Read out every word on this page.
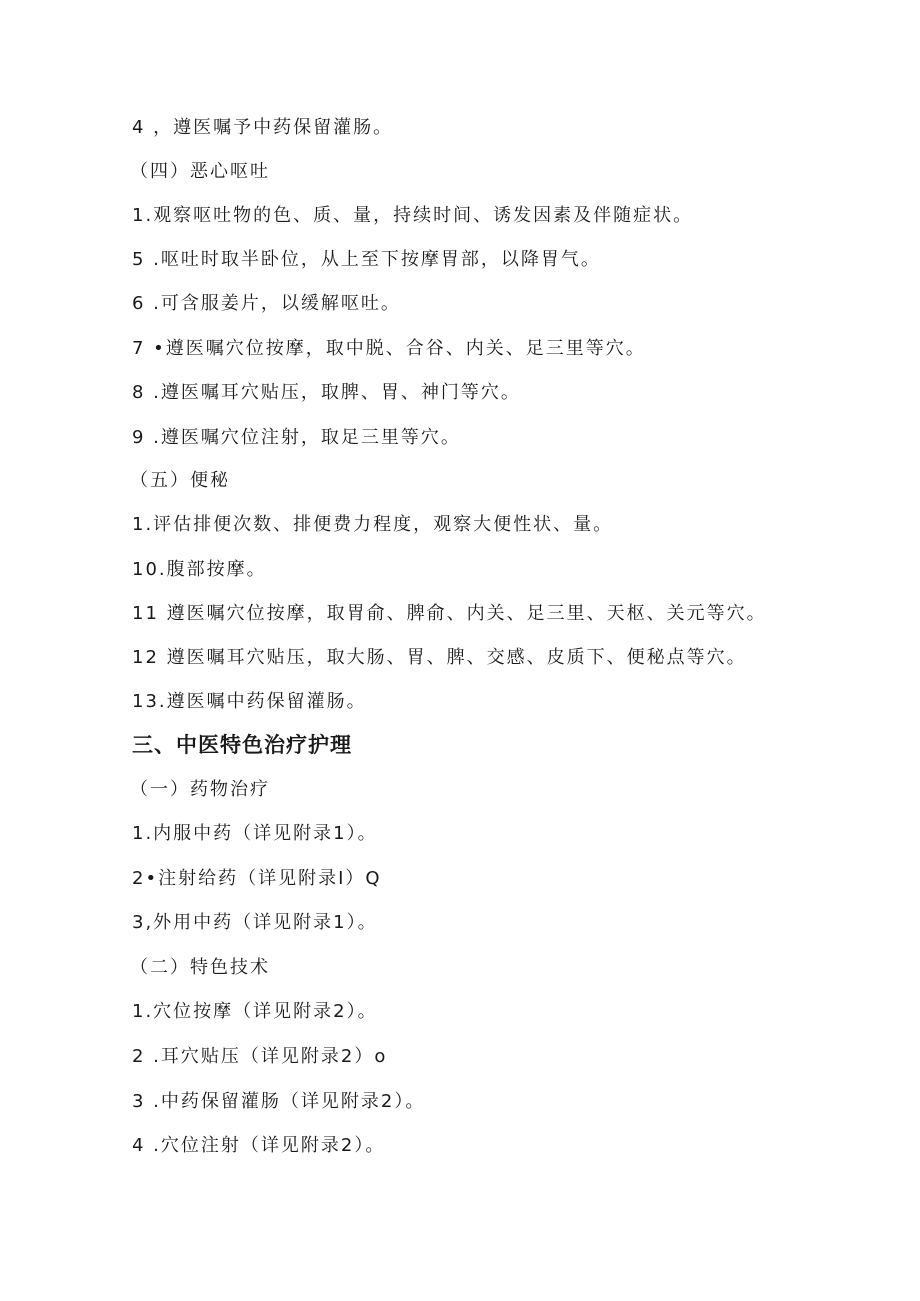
4 ，遵医嘱予中药保留灌肠。
（四）恶心呕吐
1.观察呕吐物的色、质、量，持续时间、诱发因素及伴随症状。
5 .呕吐时取半卧位，从上至下按摩胃部，以降胃气。
6 .可含服姜片，以缓解呕吐。
7 •遵医嘱穴位按摩，取中脱、合谷、内关、足三里等穴。
8 .遵医嘱耳穴贴压，取脾、胃、神门等穴。
9 .遵医嘱穴位注射，取足三里等穴。
（五）便秘
1.评估排便次数、排便费力程度，观察大便性状、量。
10.腹部按摩。
11 遵医嘱穴位按摩，取胃俞、脾俞、内关、足三里、天枢、关元等穴。
12 遵医嘱耳穴贴压，取大肠、胃、脾、交感、皮质下、便秘点等穴。
13.遵医嘱中药保留灌肠。
三、中医特色治疗护理
（一）药物治疗
1.内服中药（详见附录1）。
2•注射给药（详见附录I）Q
3,外用中药（详见附录1）。
（二）特色技术
1.穴位按摩（详见附录2）。
2 .耳穴贴压（详见附录2）o
3 .中药保留灌肠（详见附录2）。
4 .穴位注射（详见附录2）。
